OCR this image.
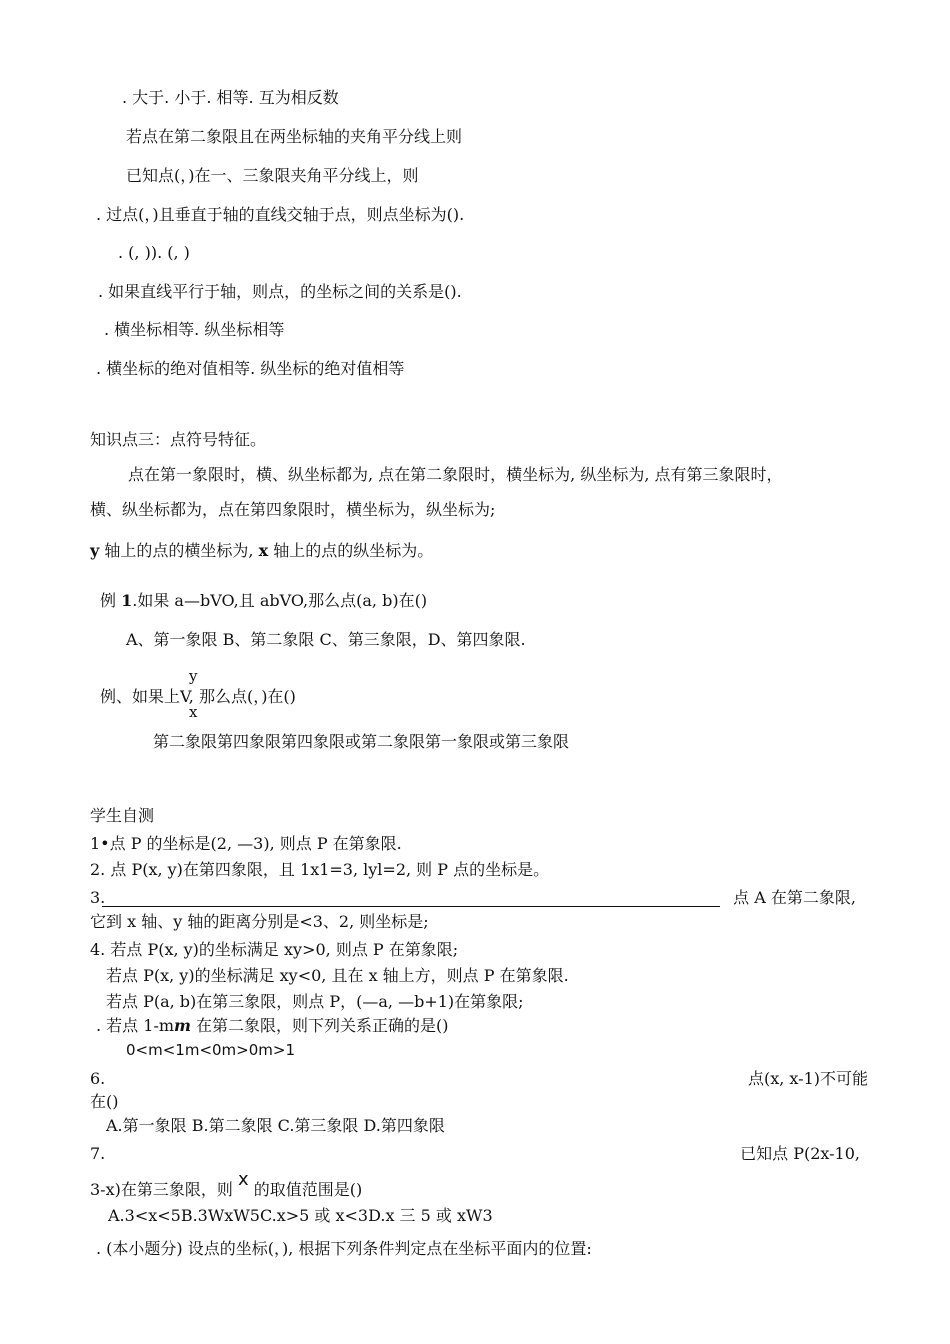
. 大于. 小于. 相等. 互为相反数
若点在第二象限且在两坐标轴的夹角平分线上则
已知点(，)在一、三象限夹角平分线上，则
. 过点(，)且垂直于轴的直线交轴于点，则点坐标为().
. (, )). (, )
. 如果直线平行于轴，则点，的坐标之间的关系是().
. 横坐标相等. 纵坐标相等
. 横坐标的绝对值相等. 纵坐标的绝对值相等
知识点三：点符号特征。
点在第一象限时，横、纵坐标都为, 点在第二象限时，横坐标为, 纵坐标为, 点有第三象限时，
横、纵坐标都为，点在第四象限时，横坐标为，纵坐标为;
y 轴上的点的横坐标为, x 轴上的点的纵坐标为。
例 1.如果 a—bVO,且 abVO,那么点(a, b)在()
A、第一象限 B、第二象限 C、第三象限，D、第四象限.
y
例、如果上V, 那么点(，)在()
x
第二象限第四象限第四象限或第二象限第一象限或第三象限
学生自测
1•点 P 的坐标是(2, —3), 则点 P 在第象限.
2. 点 P(x, y)在第四象限，且 1x1=3, lyl=2, 则 P 点的坐标是。
3.	点 A 在第二象限,
它到 x 轴、y 轴的距离分别是<3、2, 则坐标是;
4. 若点 P(x, y)的坐标满足 xy>0, 则点 P 在第象限;
若点 P(x, y)的坐标满足 xy<0, 且在 x 轴上方，则点 P 在第象限.
若点 P(a, b)在第三象限，则点 P，(—a, —b+1)在第象限;
. 若点 1-mm 在第二象限，则下列关系正确的是()
0<m<1m<0m>0m>1
6.	点(x, x-1)不可能
在()
A.第一象限 B.第二象限 C.第三象限 D.第四象限
7.	已知点 P(2x-10,
3-x)在第三象限，则 x 的取值范围是()
A.3<x<5B.3WxW5C.x>5 或 x<3D.x 三 5 或 xW3
. (本小题分) 设点的坐标(，), 根据下列条件判定点在坐标平面内的位置:
